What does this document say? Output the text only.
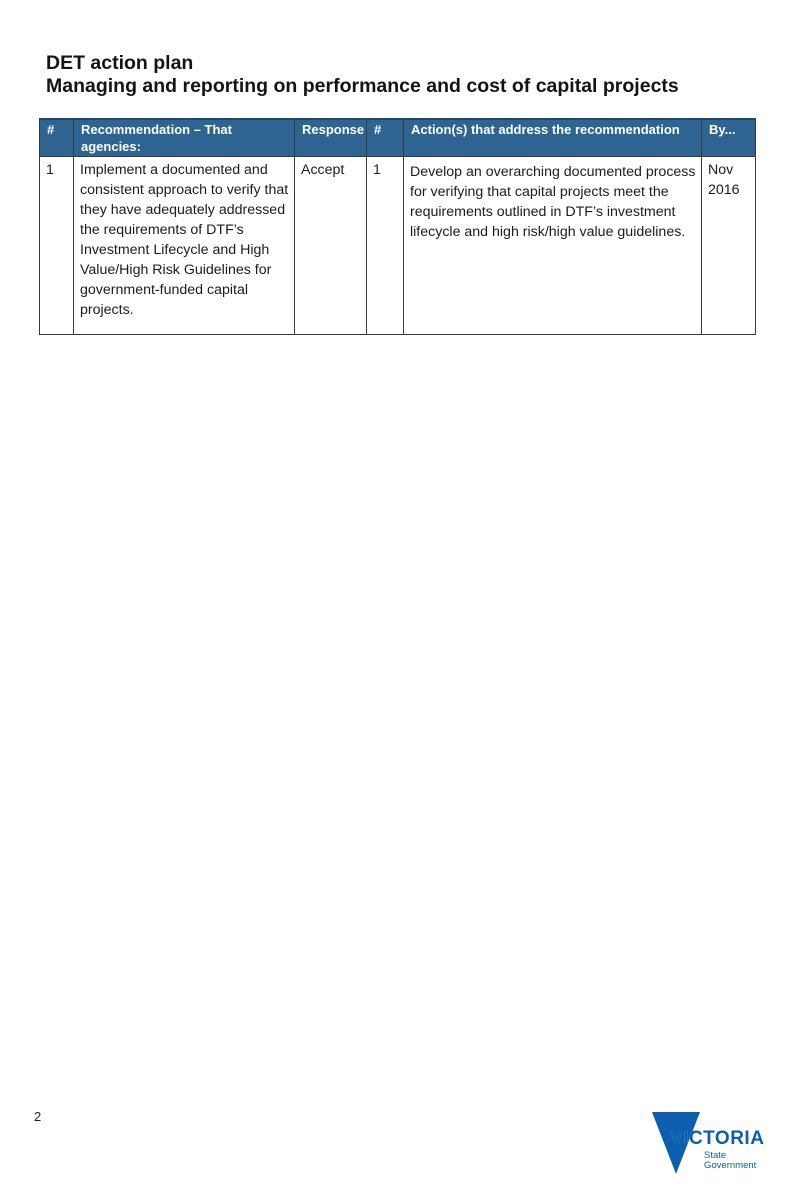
DET action plan
Managing and reporting on performance and cost of capital projects
#	Recommendation – That agencies:	Response	#	Action(s) that address the recommendation	By...
1	Implement a documented and consistent approach to verify that they have adequately addressed the requirements of DTF’s Investment Lifecycle and High Value/High Risk Guidelines for government-funded capital projects.	Accept	1	Develop an overarching documented process for verifying that capital projects meet the requirements outlined in DTF’s investment lifecycle and high risk/high value guidelines.	Nov 2016
2
VICTORIA
State
Government
